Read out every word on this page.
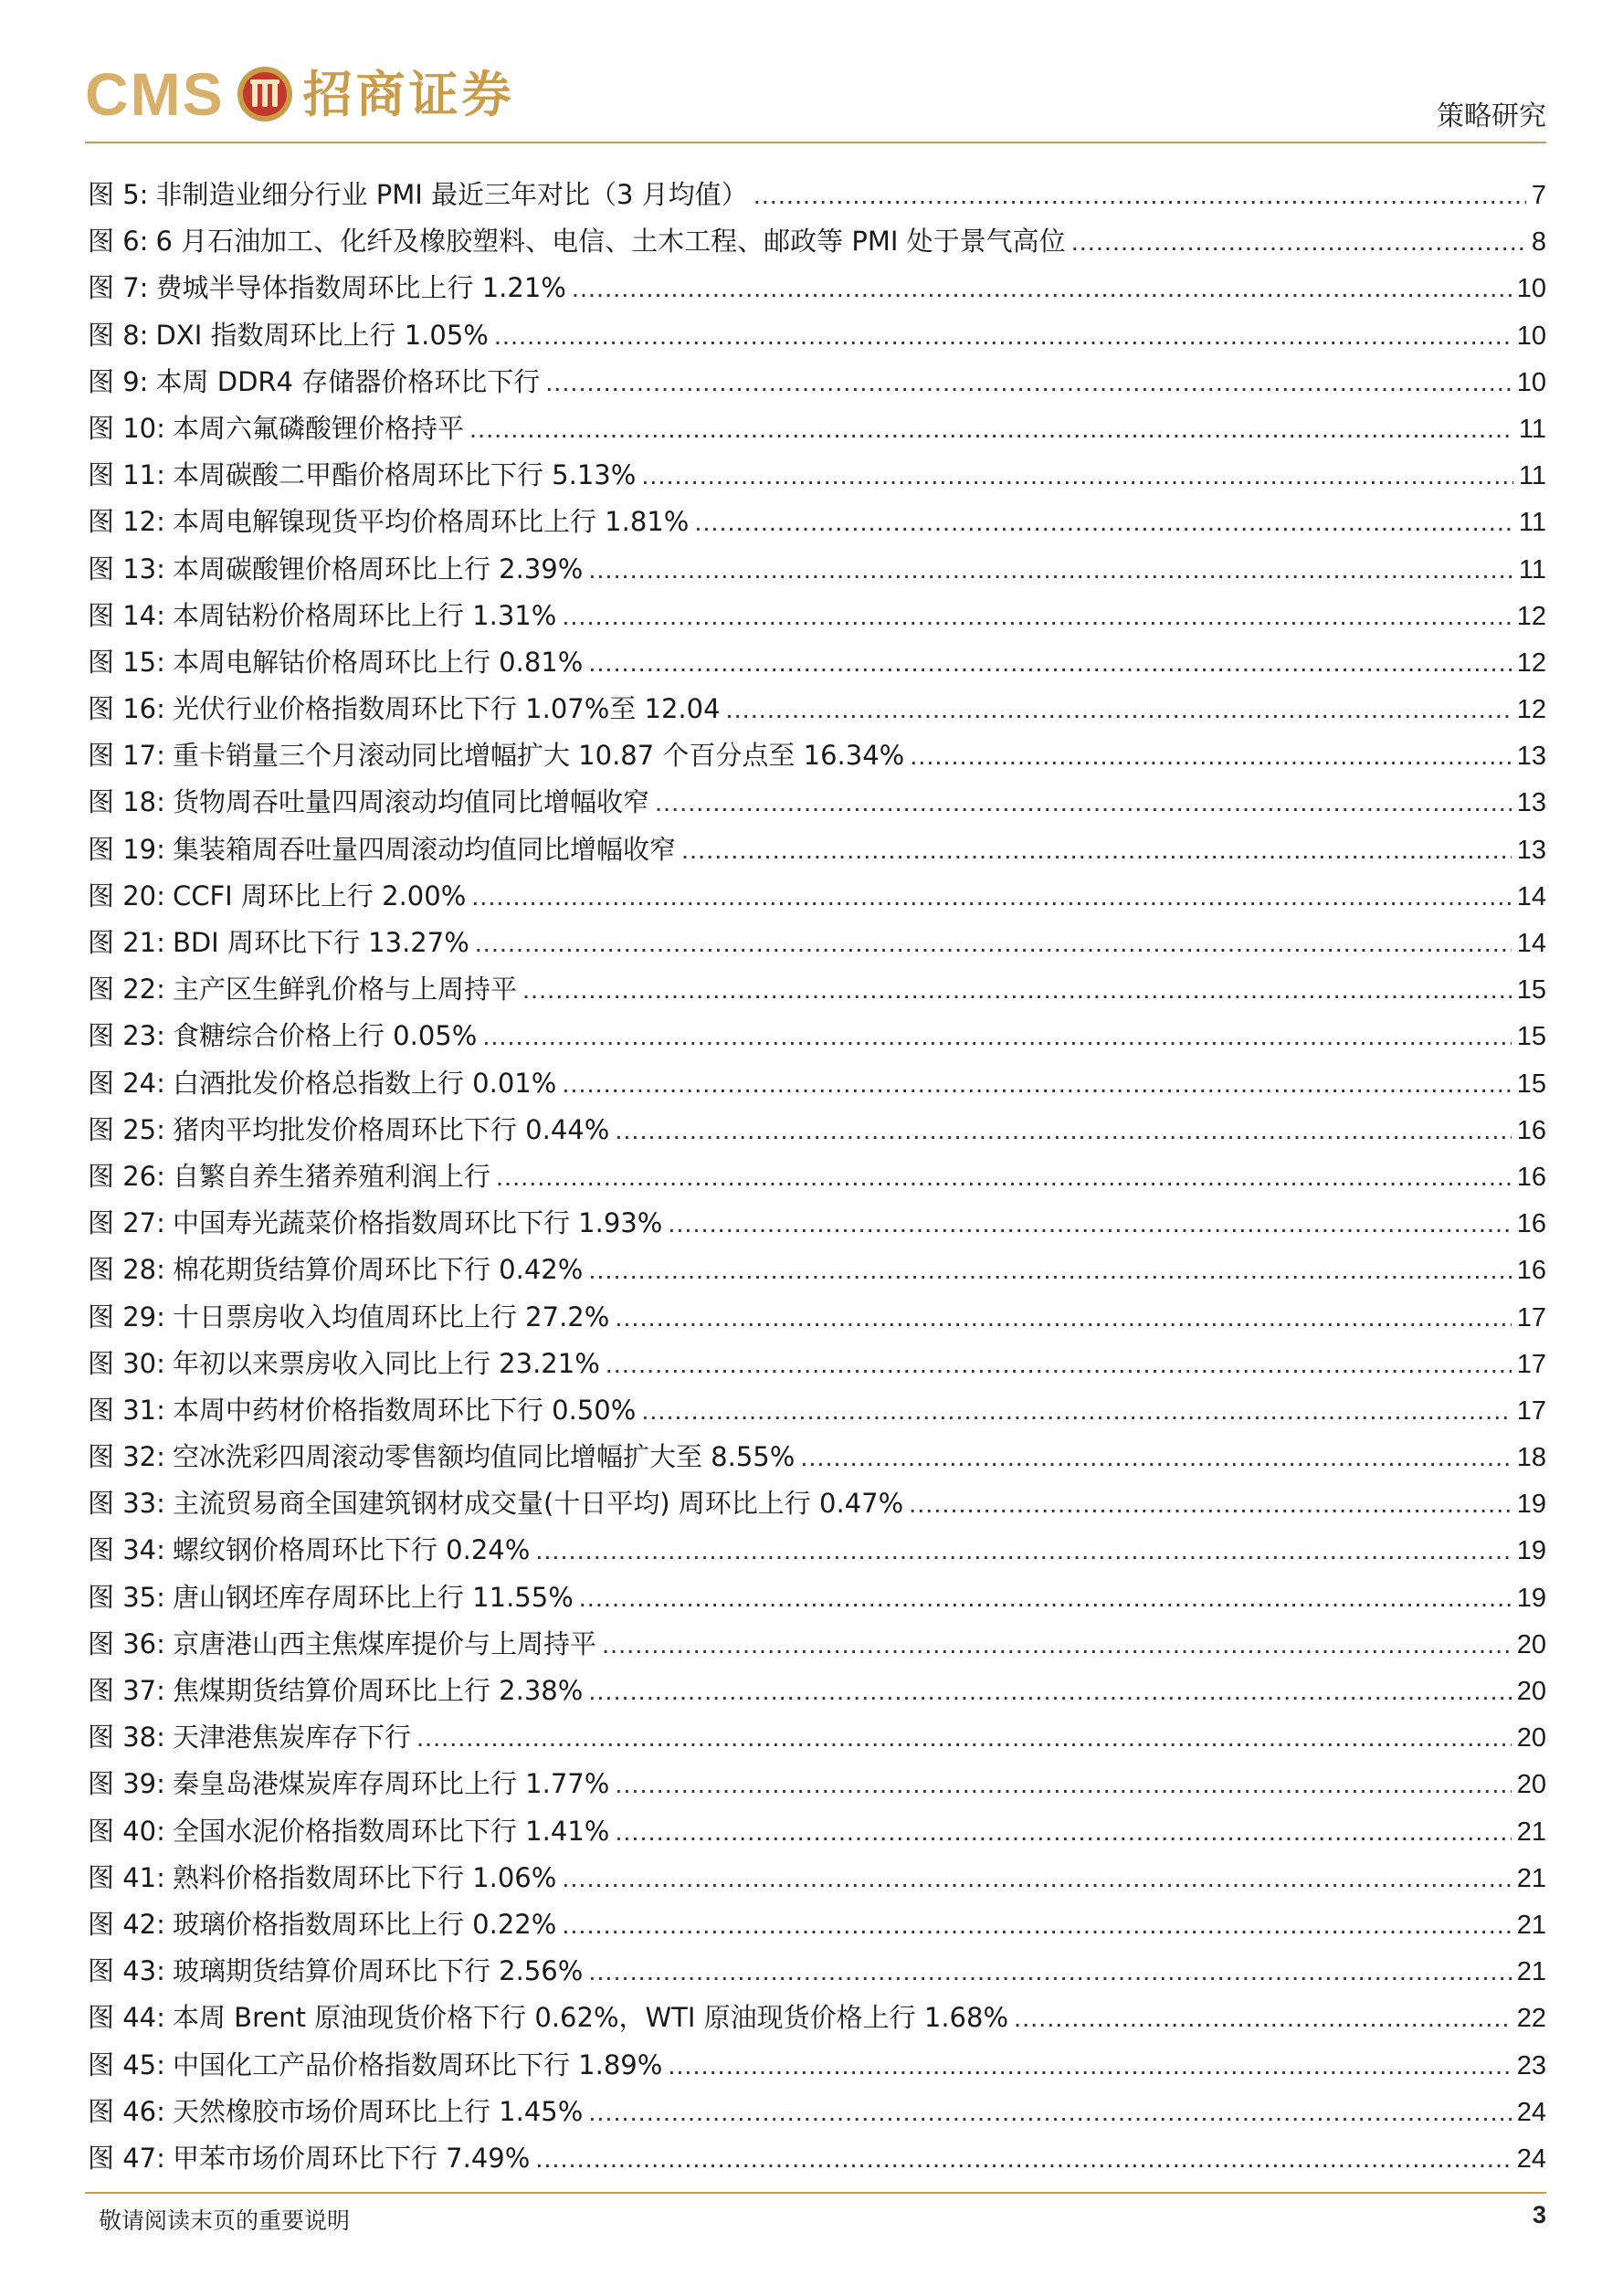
CMS 招商证券	策略研究
图 5: 非制造业细分行业 PMI 最近三年对比（3 月均值） .....	7
图 6: 6 月石油加工、化纤及橡胶塑料、电信、土木工程、邮政等 PMI 处于景气高位 .....	8
图 7: 费城半导体指数周环比上行 1.21% .....	10
图 8: DXI 指数周环比上行 1.05% .....	10
图 9: 本周 DDR4 存储器价格环比下行 .....	10
图 10: 本周六氟磷酸锂价格持平 .....	11
图 11: 本周碳酸二甲酯价格周环比下行 5.13% .....	11
图 12: 本周电解镍现货平均价格周环比上行 1.81% .....	11
图 13: 本周碳酸锂价格周环比上行 2.39% .....	11
图 14: 本周钴粉价格周环比上行 1.31% .....	12
图 15: 本周电解钴价格周环比上行 0.81% .....	12
图 16: 光伏行业价格指数周环比下行 1.07%至 12.04 .....	12
图 17: 重卡销量三个月滚动同比增幅扩大 10.87 个百分点至 16.34% .....	13
图 18: 货物周吞吐量四周滚动均值同比增幅收窄 .....	13
图 19: 集装箱周吞吐量四周滚动均值同比增幅收窄 .....	13
图 20: CCFI 周环比上行 2.00% .....	14
图 21: BDI 周环比下行 13.27% .....	14
图 22: 主产区生鲜乳价格与上周持平 .....	15
图 23: 食糖综合价格上行 0.05% .....	15
图 24: 白酒批发价格总指数上行 0.01% .....	15
图 25: 猪肉平均批发价格周环比下行 0.44% .....	16
图 26: 自繁自养生猪养殖利润上行 .....	16
图 27: 中国寿光蔬菜价格指数周环比下行 1.93% .....	16
图 28: 棉花期货结算价周环比下行 0.42% .....	16
图 29: 十日票房收入均值周环比上行 27.2% .....	17
图 30: 年初以来票房收入同比上行 23.21% .....	17
图 31: 本周中药材价格指数周环比下行 0.50% .....	17
图 32: 空冰洗彩四周滚动零售额均值同比增幅扩大至 8.55% .....	18
图 33: 主流贸易商全国建筑钢材成交量(十日平均) 周环比上行 0.47% .....	19
图 34: 螺纹钢价格周环比下行 0.24% .....	19
图 35: 唐山钢坯库存周环比上行 11.55% .....	19
图 36: 京唐港山西主焦煤库提价与上周持平 .....	20
图 37: 焦煤期货结算价周环比上行 2.38% .....	20
图 38: 天津港焦炭库存下行 .....	20
图 39: 秦皇岛港煤炭库存周环比上行 1.77% .....	20
图 40: 全国水泥价格指数周环比下行 1.41% .....	21
图 41: 熟料价格指数周环比下行 1.06% .....	21
图 42: 玻璃价格指数周环比上行 0.22% .....	21
图 43: 玻璃期货结算价周环比下行 2.56% .....	21
图 44: 本周 Brent 原油现货价格下行 0.62%，WTI 原油现货价格上行 1.68% .....	22
图 45: 中国化工产品价格指数周环比下行 1.89% .....	23
图 46: 天然橡胶市场价周环比上行 1.45% .....	24
图 47: 甲苯市场价周环比下行 7.49% .....	24
敬请阅读末页的重要说明	3
